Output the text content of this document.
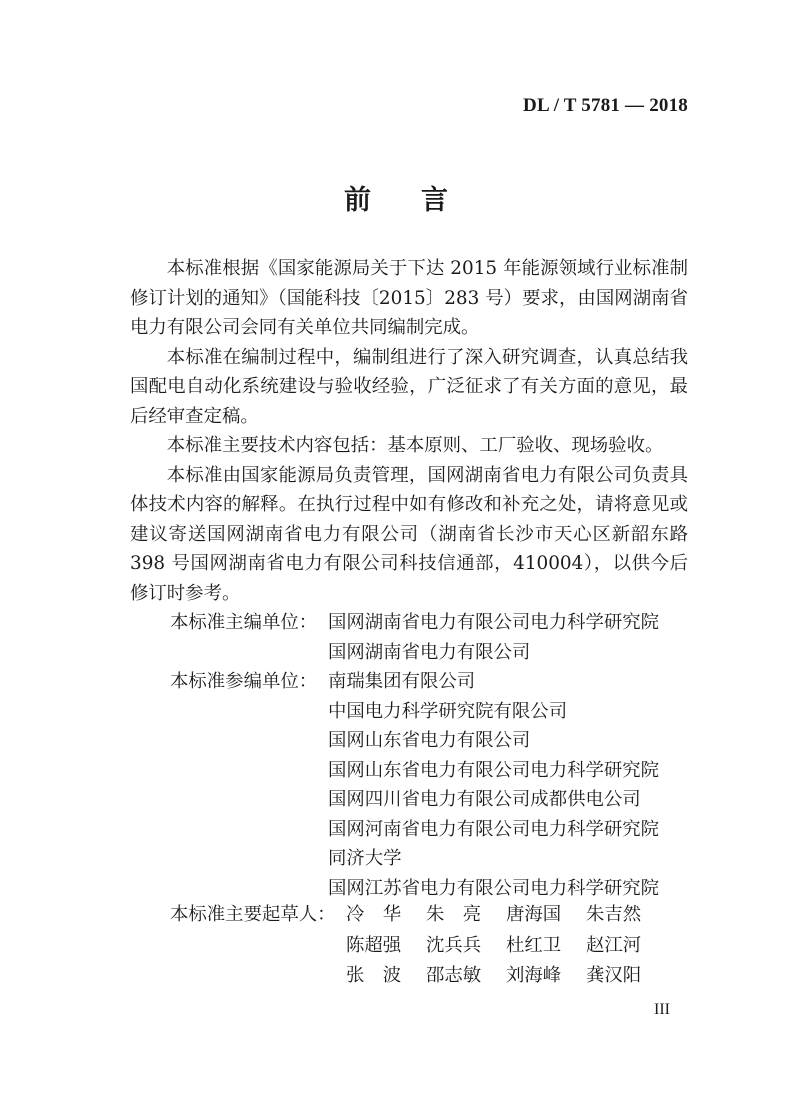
DL / T 5781 — 2018
前言

本标准根据《国家能源局关于下达 2015 年能源领域行业标准制修订计划的通知》（国能科技〔2015〕283 号）要求，由国网湖南省电力有限公司会同有关单位共同编制完成。

本标准在编制过程中，编制组进行了深入研究调查，认真总结我国配电自动化系统建设与验收经验，广泛征求了有关方面的意见，最后经审查定稿。

本标准主要技术内容包括：基本原则、工厂验收、现场验收。

本标准由国家能源局负责管理，国网湖南省电力有限公司负责具体技术内容的解释。在执行过程中如有修改和补充之处，请将意见或建议寄送国网湖南省电力有限公司（湖南省长沙市天心区新韶东路 398 号国网湖南省电力有限公司科技信通部，410004），以供今后修订时参考。

本标准主编单位： 国网湖南省电力有限公司电力科学研究院
国网湖南省电力有限公司
本标准参编单位： 南瑞集团有限公司
中国电力科学研究院有限公司
国网山东省电力有限公司
国网山东省电力有限公司电力科学研究院
国网四川省电力有限公司成都供电公司
国网河南省电力有限公司电力科学研究院
同济大学
国网江苏省电力有限公司电力科学研究院
本标准主要起草人： 冷　华	朱　亮	唐海国	朱吉然
陈超强	沈兵兵	杜红卫	赵江河
张　波	邵志敏	刘海峰	龚汉阳
III
